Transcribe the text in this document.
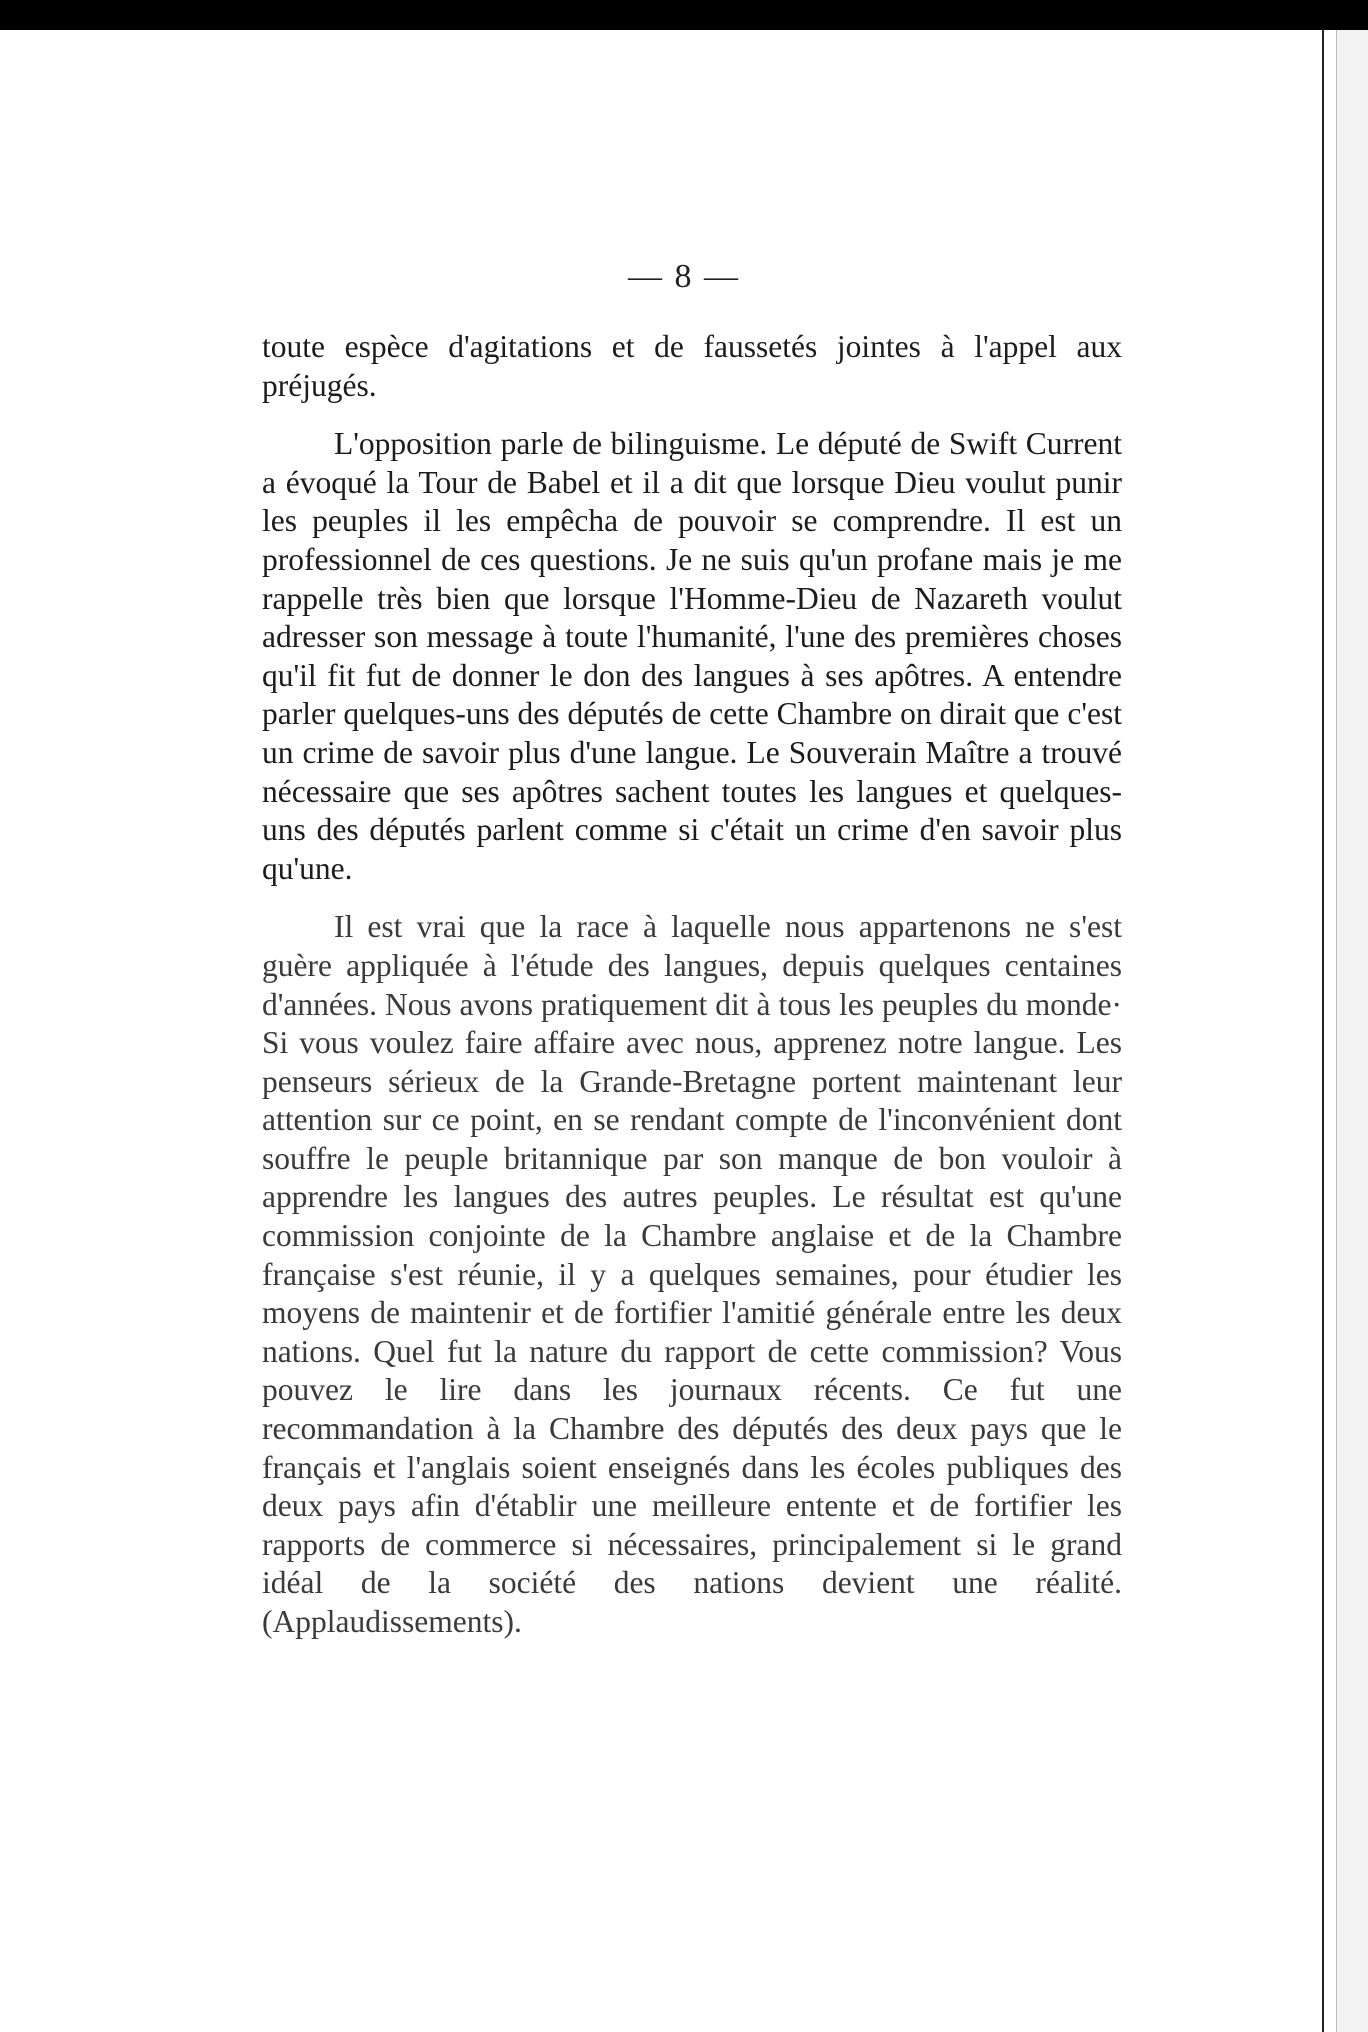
— 8 —

toute espèce d'agitations et de faussetés jointes à l'appel aux préjugés.

L'opposition parle de bilinguisme. Le député de Swift Current a évoqué la Tour de Babel et il a dit que lorsque Dieu voulut punir les peuples il les empêcha de pouvoir se comprendre. Il est un professionnel de ces questions. Je ne suis qu'un profane mais je me rappelle très bien que lorsque l'Homme-Dieu de Nazareth voulut adresser son message à toute l'humanité, l'une des premières choses qu'il fit fut de donner le don des langues à ses apôtres. A entendre parler quelques-uns des députés de cette Chambre on dirait que c'est un crime de savoir plus d'une langue. Le Souverain Maître a trouvé nécessaire que ses apôtres sachent toutes les langues et quelques-uns des députés parlent comme si c'était un crime d'en savoir plus qu'une.

Il est vrai que la race à laquelle nous appartenons ne s'est guère appliquée à l'étude des langues, depuis quelques centaines d'années. Nous avons pratiquement dit à tous les peuples du monde· Si vous voulez faire affaire avec nous, apprenez notre langue. Les penseurs sérieux de la Grande-Bretagne portent maintenant leur attention sur ce point, en se rendant compte de l'inconvénient dont souffre le peuple britannique par son manque de bon vouloir à apprendre les langues des autres peuples. Le résultat est qu'une commission conjointe de la Chambre anglaise et de la Chambre française s'est réunie, il y a quelques semaines, pour étudier les moyens de maintenir et de fortifier l'amitié générale entre les deux nations. Quel fut la nature du rapport de cette commission? Vous pouvez le lire dans les journaux récents. Ce fut une recommandation à la Chambre des députés des deux pays que le français et l'anglais soient enseignés dans les écoles publiques des deux pays afin d'établir une meilleure entente et de fortifier les rapports de commerce si nécessaires, principalement si le grand idéal de la société des nations devient une réalité. (Applaudissements).
